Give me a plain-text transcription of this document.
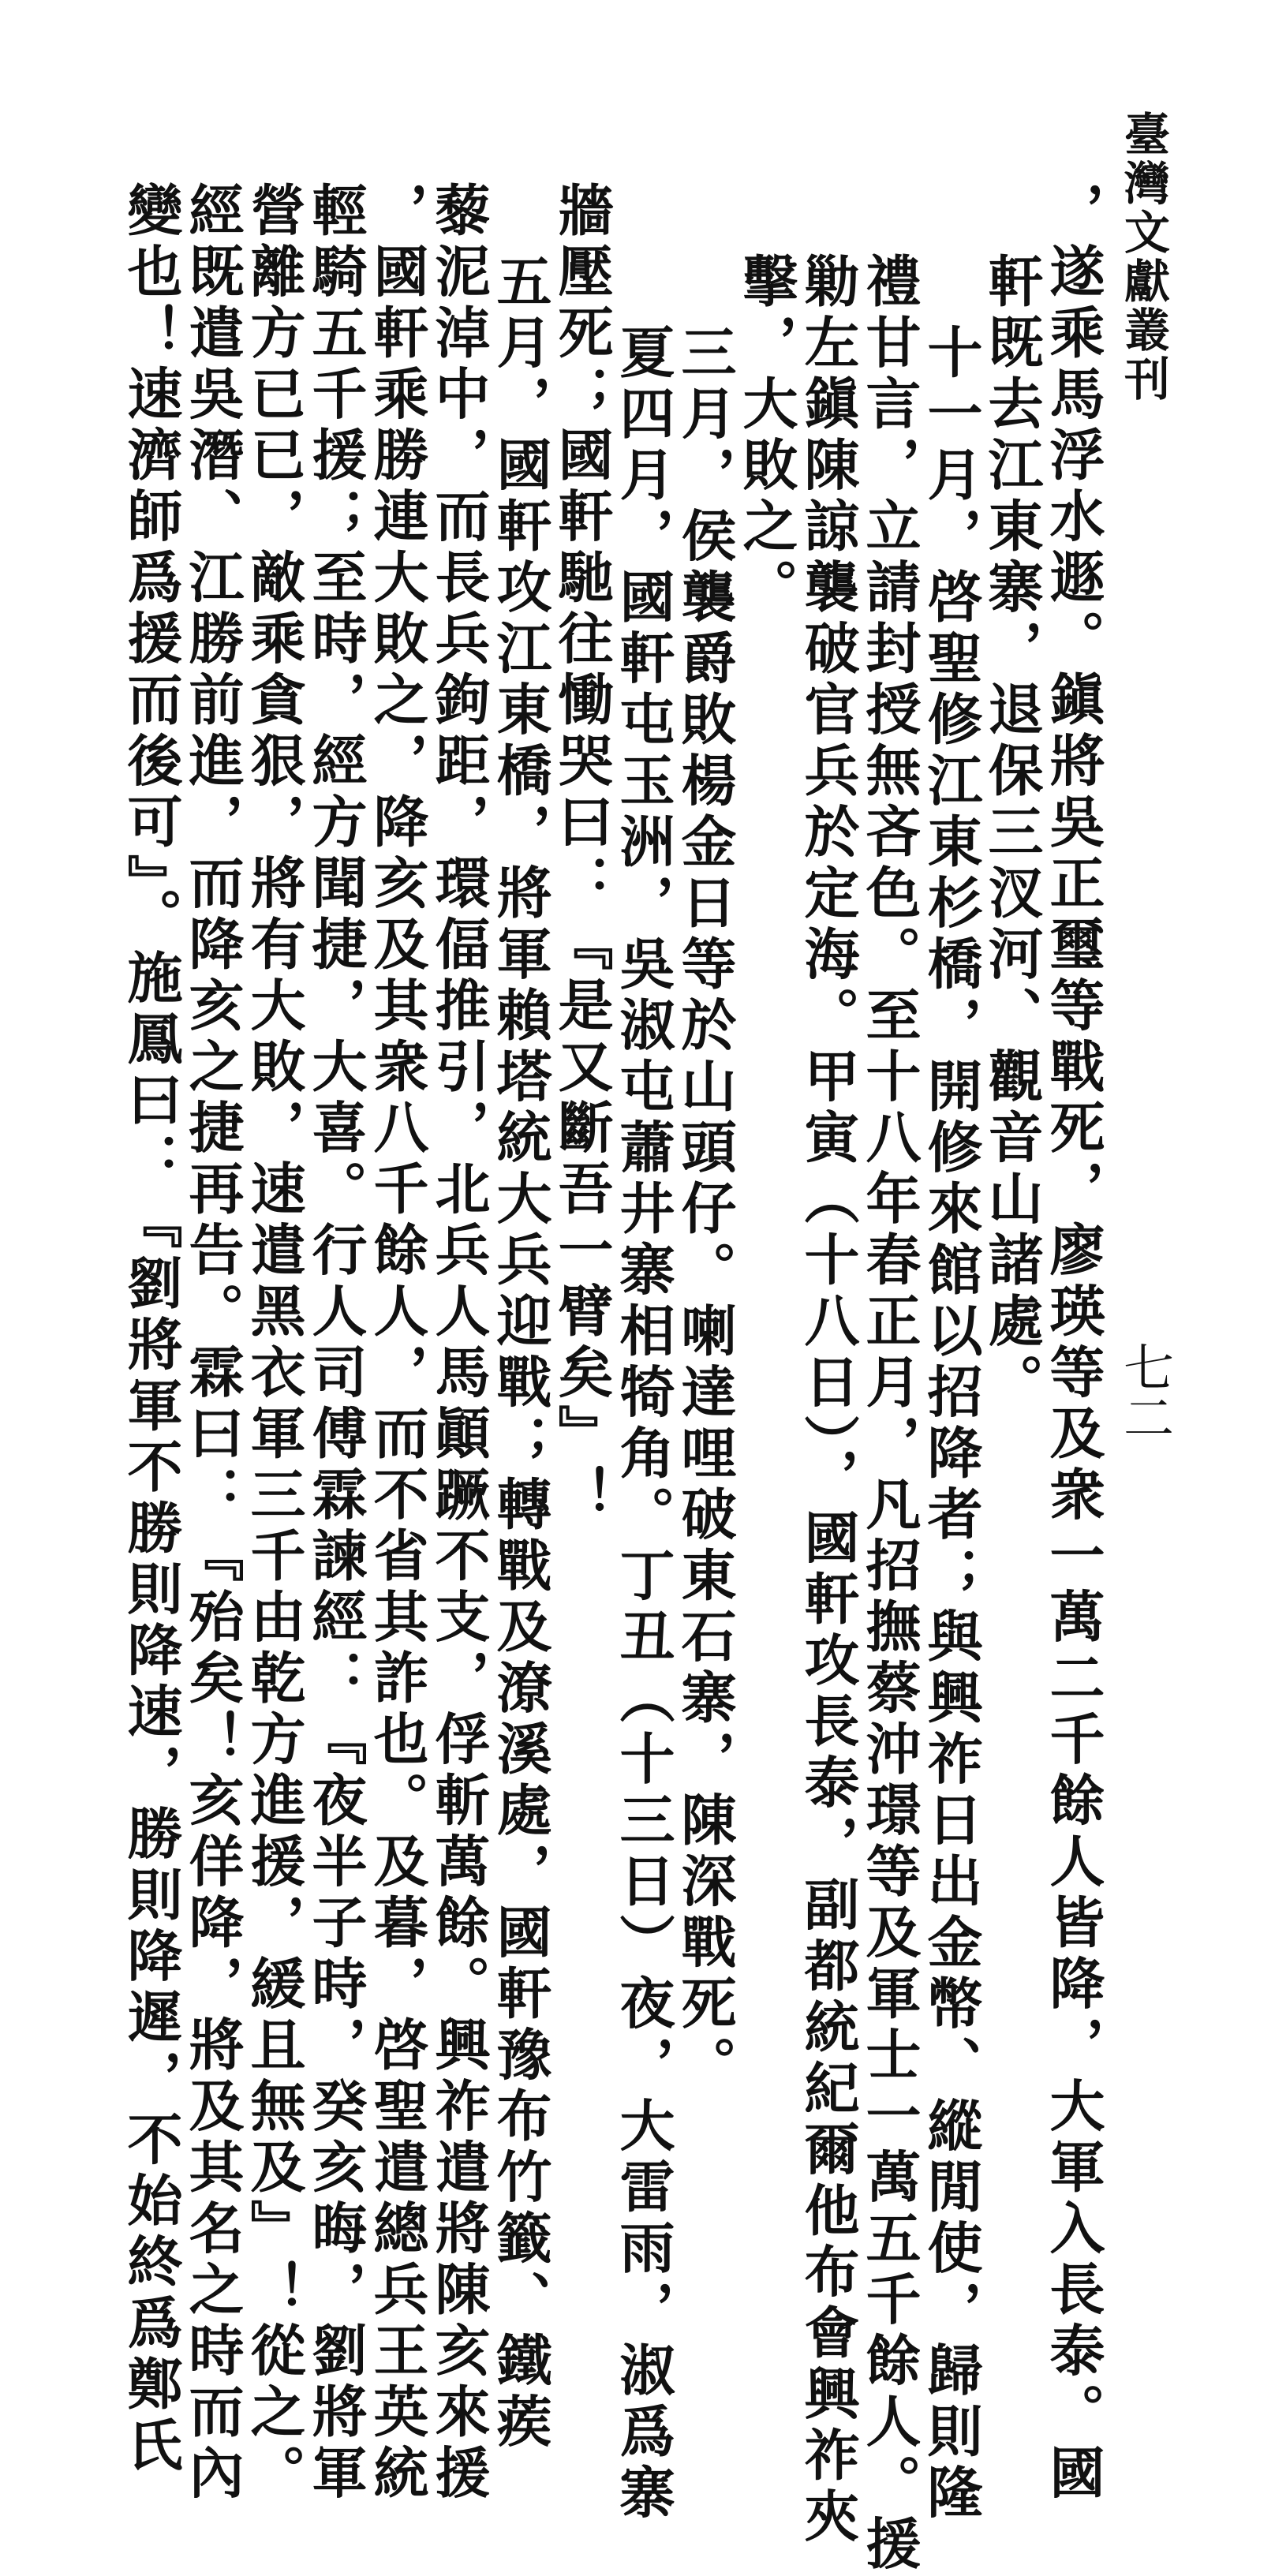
臺灣文獻叢刊
七二
，遂乘馬浮水遯。鎭將吳正璽等戰死，廖瑛等及衆一萬二千餘人皆降，大軍入長泰。國
軒既去江東寨，退保三汊河、觀音山諸處。
十一月，啓聖修江東杉橋，開修來館以招降者；與興祚日出金幣、縱閒使，歸則隆
禮甘言，立請封授無吝色。至十八年春正月，凡招撫蔡沖璟等及軍士一萬五千餘人。援
勦左鎭陳諒襲破官兵於定海。甲寅（十八日），國軒攻長泰，副都統紀爾他布會興祚夾
擊，大敗之。
三月，侯襲爵敗楊金日等於山頭仔。喇達哩破東石寨，陳深戰死。
夏四月，國軒屯玉洲，吳淑屯蕭井寨相犄角。丁丑（十三日）夜，大雷雨，淑爲寨
牆壓死；國軒馳往慟哭曰：『是又斷吾一臂矣』！
五月，國軒攻江東橋，將軍賴塔統大兵迎戰；轉戰及潦溪處，國軒豫布竹籤、鐵蒺
藜泥淖中，而長兵鉤距，環偪推引，北兵人馬顚蹶不支，俘斬萬餘。興祚遣將陳亥來援
，國軒乘勝連大敗之，降亥及其衆八千餘人，而不省其詐也。及暮，啓聖遣總兵王英統
輕騎五千援；至時，經方聞捷，大喜。行人司傅霖諫經：『夜半子時，癸亥晦，劉將軍
營離方已已，敵乘貪狠，將有大敗，速遣黑衣軍三千由乾方進援，緩且無及』！從之。
經既遣吳潛、江勝前進，而降亥之捷再告。霖曰：『殆矣！亥佯降，將及其名之時而內
變也！速濟師爲援而後可』。施鳳曰：『劉將軍不勝則降速，勝則降遲，不始終爲鄭氏
